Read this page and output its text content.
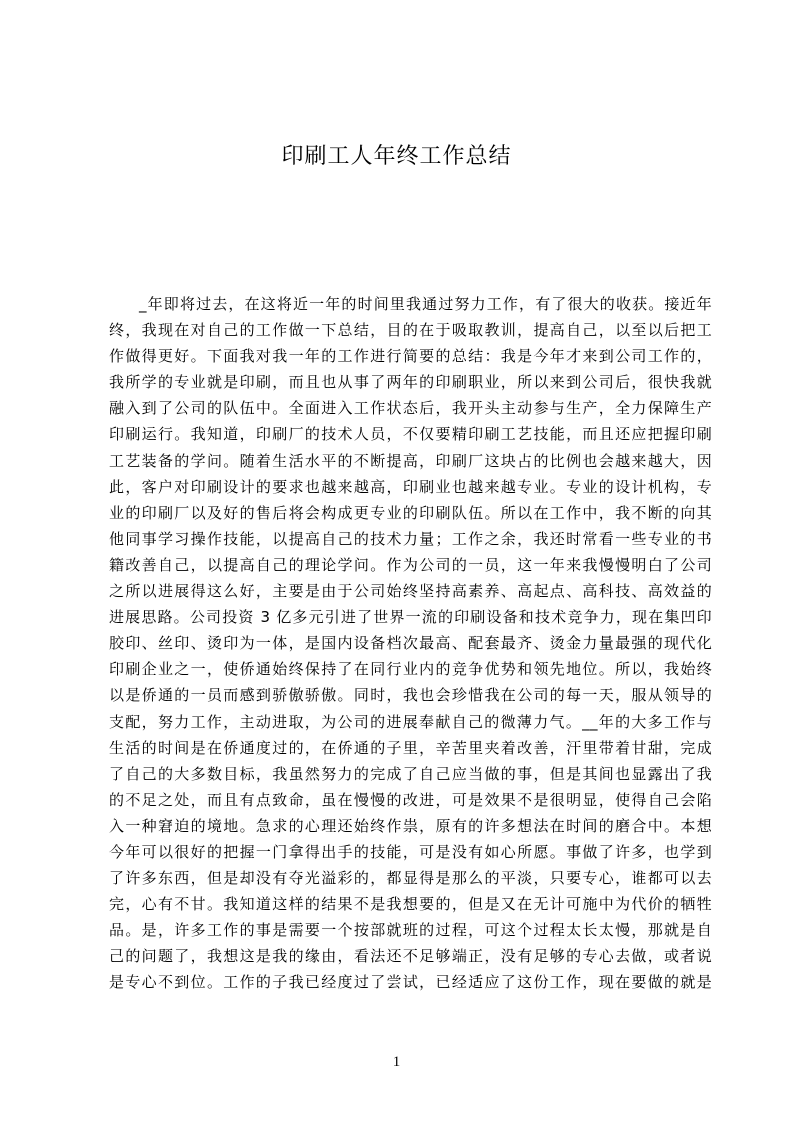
印刷工人年终工作总结
_年即将过去，在这将近一年的时间里我通过努力工作，有了很大的收获。接近年
终，我现在对自己的工作做一下总结，目的在于吸取教训，提高自己，以至以后把工
作做得更好。下面我对我一年的工作进行简要的总结：我是今年才来到公司工作的，
我所学的专业就是印刷，而且也从事了两年的印刷职业，所以来到公司后，很快我就
融入到了公司的队伍中。全面进入工作状态后，我开头主动参与生产，全力保障生产
印刷运行。我知道，印刷厂的技术人员，不仅要精印刷工艺技能，而且还应把握印刷
工艺装备的学问。随着生活水平的不断提高，印刷厂这块占的比例也会越来越大，因
此，客户对印刷设计的要求也越来越高，印刷业也越来越专业。专业的设计机构，专
业的印刷厂以及好的售后将会构成更专业的印刷队伍。所以在工作中，我不断的向其
他同事学习操作技能，以提高自己的技术力量；工作之余，我还时常看一些专业的书
籍改善自己，以提高自己的理论学问。作为公司的一员，这一年来我慢慢明白了公司
之所以进展得这么好，主要是由于公司始终坚持高素养、高起点、高科技、高效益的
进展思路。公司投资 3 亿多元引进了世界一流的印刷设备和技术竞争力，现在集凹印
胶印、丝印、烫印为一体，是国内设备档次最高、配套最齐、烫金力量最强的现代化
印刷企业之一，使侨通始终保持了在同行业内的竞争优势和领先地位。所以，我始终
以是侨通的一员而感到骄傲骄傲。同时，我也会珍惜我在公司的每一天，服从领导的
支配，努力工作，主动进取，为公司的进展奉献自己的微薄力气。__年的大多工作与
生活的时间是在侨通度过的，在侨通的子里，辛苦里夹着改善，汗里带着甘甜，完成
了自己的大多数目标，我虽然努力的完成了自己应当做的事，但是其间也显露出了我
的不足之处，而且有点致命，虽在慢慢的改进，可是效果不是很明显，使得自己会陷
入一种窘迫的境地。急求的心理还始终作祟，原有的许多想法在时间的磨合中。本想
今年可以很好的把握一门拿得出手的技能，可是没有如心所愿。事做了许多，也学到
了许多东西，但是却没有夺光溢彩的，都显得是那么的平淡，只要专心，谁都可以去
完，心有不甘。我知道这样的结果不是我想要的，但是又在无计可施中为代价的牺牲
品。是，许多工作的事是需要一个按部就班的过程，可这个过程太长太慢，那就是自
己的问题了，我想这是我的缘由，看法还不足够端正，没有足够的专心去做，或者说
是专心不到位。工作的子我已经度过了尝试，已经适应了这份工作，现在要做的就是
1
